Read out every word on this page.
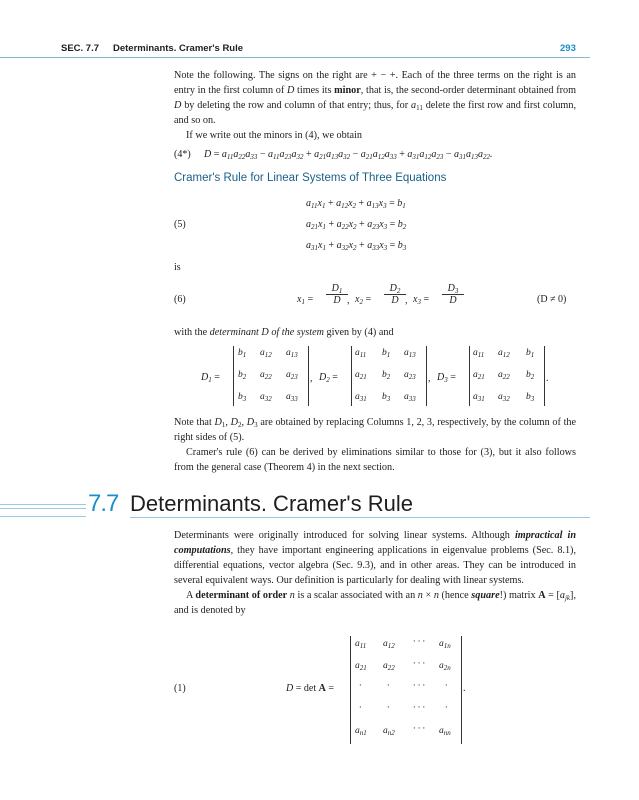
SEC. 7.7 Determinants. Cramer's Rule	293

Note the following. The signs on the right are + − +. Each of the three terms on the right is an entry in the first column of D times its minor, that is, the second-order determinant obtained from D by deleting the row and column of that entry; thus, for $a_{11}$ delete the first row and first column, and so on.

If we write out the minors in (4), we obtain

(4*) $D = a_{11}a_{22}a_{33} - a_{11}a_{23}a_{32} + a_{21}a_{13}a_{32} - a_{21}a_{12}a_{33} + a_{31}a_{12}a_{23} - a_{31}a_{13}a_{22}$.
Cramer's Rule for Linear Systems of Three Equations
(5)
$a_{11}x_1 + a_{12}x_2 + a_{13}x_3 = b_1$
$a_{21}x_1 + a_{22}x_2 + a_{23}x_3 = b_2$
$a_{31}x_1 + a_{32}x_2 + a_{33}x_3 = b_3$
is
(6)	$x_1 = \frac{D_1}{D}$ , $x_2 = \frac{D_2}{D}$ , $x_3 = \frac{D_3}{D}$	(D ≠ 0)
with the determinant D of the system given by (4) and
$D_1$ =
$b_1$ $a_{12}$ $a_{13}$
$b_2$ $a_{22}$ $a_{23}$
$b_3$ $a_{32}$ $a_{33}$
, $D_2$ =
$a_{11}$ $b_1$ $a_{13}$
$a_{21}$ $b_2$ $a_{23}$
$a_{31}$ $b_3$ $a_{33}$
, $D_3$ =
$a_{11}$ $a_{12}$ $b_1$
$a_{21}$ $a_{22}$ $b_2$
$a_{31}$ $a_{32}$ $b_3$
.

Note that $D_1$, $D_2$, $D_3$ are obtained by replacing Columns 1, 2, 3, respectively, by the column of the right sides of (5).

Cramer's rule (6) can be derived by eliminations similar to those for (3), but it also follows from the general case (Theorem 4) in the next section.

7.7 Determinants. Cramer's Rule

Determinants were originally introduced for solving linear systems. Although impractical in computations, they have important engineering applications in eigenvalue problems (Sec. 8.1), differential equations, vector algebra (Sec. 9.3), and in other areas. They can be introduced in several equivalent ways. Our definition is particularly for dealing with linear systems.

A determinant of order n is a scalar associated with an n × n (hence square!) matrix $A = [a_{jk}]$, and is denoted by

(1)	D = det A =
$a_{11}$ $a_{12}$ · · · $a_{1n}$
$a_{21}$ $a_{22}$ · · · $a_{2n}$
·	· · · · ·
·	· · · · ·
$a_{n1}$ $a_{n2}$ · · · $a_{nn}$
.
